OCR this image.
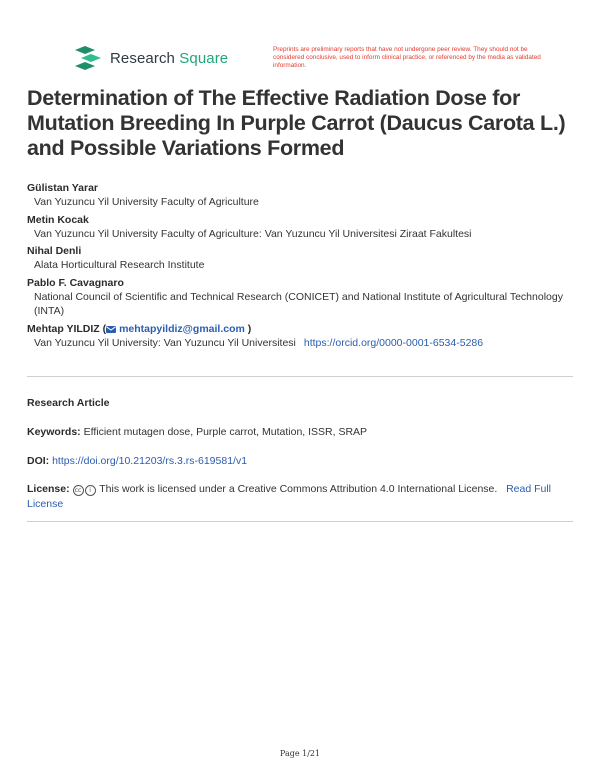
Research Square	Preprints are preliminary reports that have not undergone peer review. They should not be considered conclusive, used to inform clinical practice, or referenced by the media as validated information.
Determination of The Effective Radiation Dose for Mutation Breeding In Purple Carrot (Daucus Carota L.) and Possible Variations Formed
Gülistan Yarar
Van Yuzuncu Yil University Faculty of Agriculture
Metin Kocak
Van Yuzuncu Yil University Faculty of Agriculture: Van Yuzuncu Yil Universitesi Ziraat Fakultesi
Nihal Denli
Alata Horticultural Research Institute
Pablo F. Cavagnaro
National Council of Scientific and Technical Research (CONICET) and National Institute of Agricultural Technology (INTA)
Mehtap YILDIZ ( mehtapyildiz@gmail.com )
Van Yuzuncu Yil University: Van Yuzuncu Yil Universitesi https://orcid.org/0000-0001-6534-5286
Research Article
Keywords: Efficient mutagen dose, Purple carrot, Mutation, ISSR, SRAP
DOI: https://doi.org/10.21203/rs.3.rs-619581/v1
License: cc i This work is licensed under a Creative Commons Attribution 4.0 International License. Read Full License
Page 1/21
